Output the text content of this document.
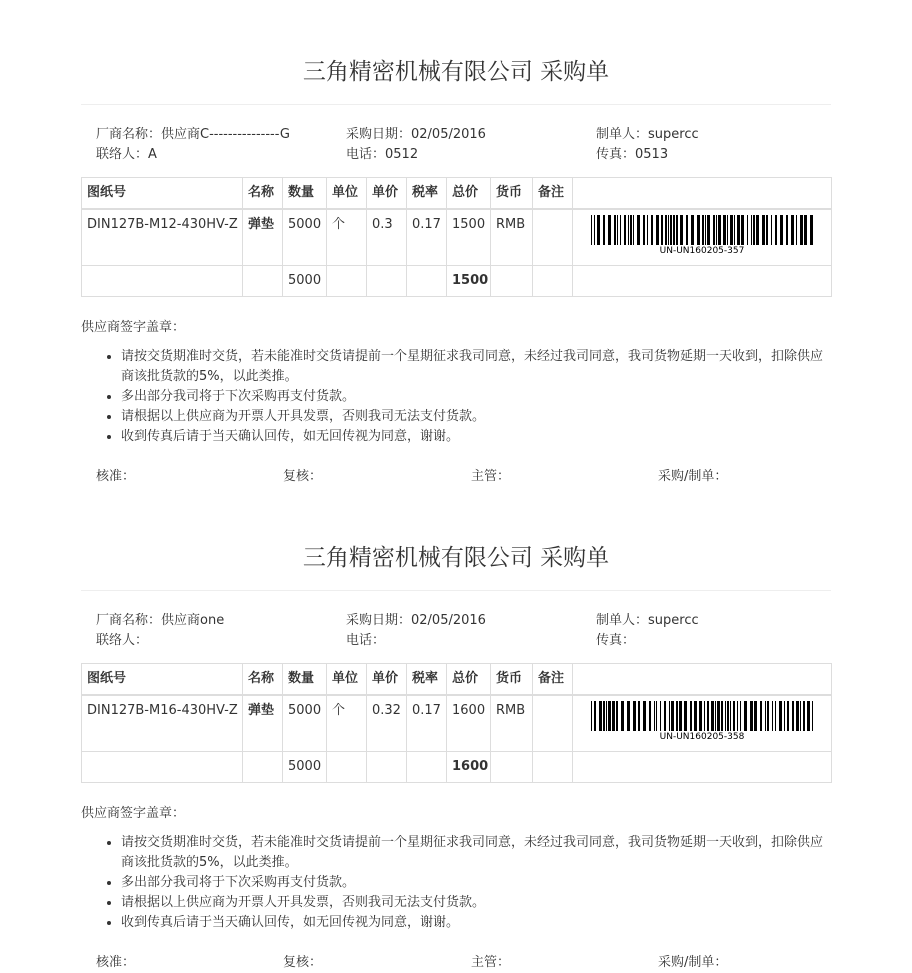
三角精密机械有限公司 采购单
厂商名称：供应商C---------------G
联络人：A
采购日期：02/05/2016
电话：0512
制单人：supercc
传真：0513
图纸号	名称	数量	单位	单价	税率	总价	货币	备注	
DIN127B-M12-430HV-Z	弹垫	5000	个	0.3	0.17	1500	RMB		UN-UN160205-357

		5000				1500			
供应商签字盖章：
• 请按交货期准时交货，若未能准时交货请提前一个星期征求我司同意，未经过我司同意，我司货物延期一天收到，扣除供应商该批货款的5%，以此类推。
• 多出部分我司将于下次采购再支付货款。
• 请根据以上供应商为开票人开具发票，否则我司无法支付货款。
• 收到传真后请于当天确认回传，如无回传视为同意，谢谢。
核准：	复核：	主管：	采购/制单：
三角精密机械有限公司 采购单
厂商名称：供应商one
联络人：
采购日期：02/05/2016
电话：
制单人：supercc
传真：
图纸号	名称	数量	单位	单价	税率	总价	货币	备注	
DIN127B-M16-430HV-Z	弹垫	5000	个	0.32	0.17	1600	RMB		UN-UN160205-358

		5000				1600			
供应商签字盖章：
• 请按交货期准时交货，若未能准时交货请提前一个星期征求我司同意，未经过我司同意，我司货物延期一天收到，扣除供应商该批货款的5%，以此类推。
• 多出部分我司将于下次采购再支付货款。
• 请根据以上供应商为开票人开具发票，否则我司无法支付货款。
• 收到传真后请于当天确认回传，如无回传视为同意，谢谢。
核准：	复核：	主管：	采购/制单：
